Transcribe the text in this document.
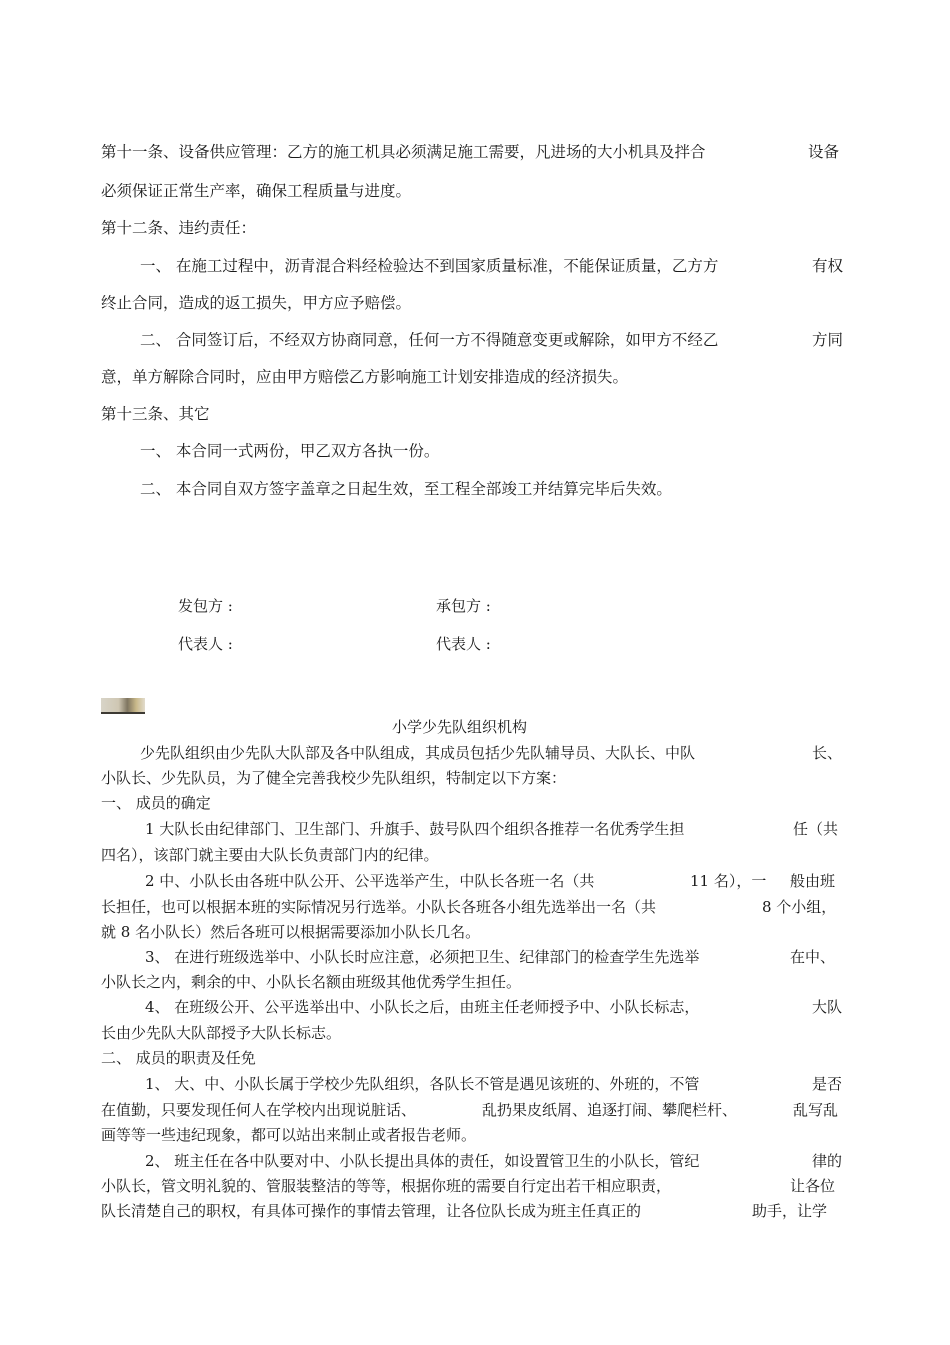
第十一条、设备供应管理：乙方的施工机具必须满足施工需要，凡进场的大小机具及拌合	设备
必须保证正常生产率，确保工程质量与进度。
第十二条、违约责任：
一、 在施工过程中，沥青混合料经检验达不到国家质量标准，不能保证质量，乙方方	有权
终止合同，造成的返工损失，甲方应予赔偿。
二、 合同签订后，不经双方协商同意，任何一方不得随意变更或解除，如甲方不经乙	方同
意，单方解除合同时，应由甲方赔偿乙方影响施工计划安排造成的经济损失。
第十三条、其它
一、 本合同一式两份，甲乙双方各执一份。
二、 本合同自双方签字盖章之日起生效，至工程全部竣工并结算完毕后失效。
发包方 :	承包方 :
代表人 :	代表人 :
小学少先队组织机构
少先队组织由少先队大队部及各中队组成，其成员包括少先队辅导员、大队长、中队	长、
小队长、少先队员，为了健全完善我校少先队组织，特制定以下方案：
一、 成员的确定
1 大队长由纪律部门、卫生部门、升旗手、鼓号队四个组织各推荐一名优秀学生担	任（共
四名），该部门就主要由大队长负责部门内的纪律。
2 中、小队长由各班中队公开、公平选举产生，中队长各班一名（共	11 名），一 般由班
长担任，也可以根据本班的实际情况另行选举。小队长各班各小组先选举出一名（共	8 个小组，
就 8 名小队长）然后各班可以根据需要添加小队长几名。
3、 在进行班级选举中、小队长时应注意，必须把卫生、纪律部门的检查学生先选举	在中、
小队长之内，剩余的中、小队长名额由班级其他优秀学生担任。
4、 在班级公开、公平选举出中、小队长之后，由班主任老师授予中、小队长标志，	大队
长由少先队大队部授予大队长标志。
二、 成员的职责及任免
1、 大、中、小队长属于学校少先队组织，各队长不管是遇见该班的、外班的，不管	是否
在值勤，只要发现任何人在学校内出现说脏话、	乱扔果皮纸屑、追逐打闹、攀爬栏杆、	乱写乱
画等等一些违纪现象，都可以站出来制止或者报告老师。
2、 班主任在各中队要对中、小队长提出具体的责任，如设置管卫生的小队长，管纪	律的
小队长，管文明礼貌的、管服装整洁的等等，根据你班的需要自行定出若干相应职责，	让各位
队长清楚自己的职权，有具体可操作的事情去管理，让各位队长成为班主任真正的	助手，让学
